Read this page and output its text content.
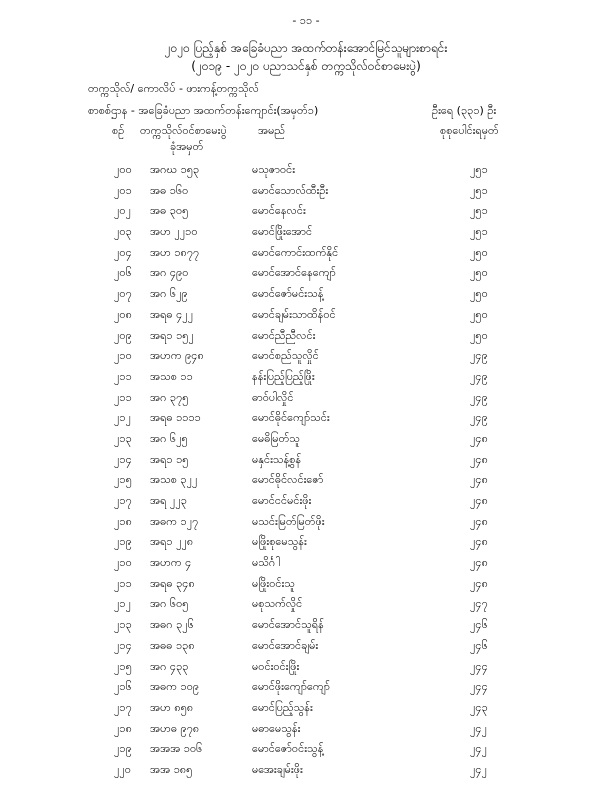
- ၁၁ -
၂၀၂၀ ပြည့်နှစ် အခြေခံပညာ အထက်တန်းအောင်မြင်သူများစာရင်း
(၂၀၁၉ - ၂၀၂၀ ပညာသင်နှစ် တက္ကသိုလ်ဝင်စာမေးပွဲ)
တက္ကသိုလ်/ ကောလိပ် - ဖားကန့်တက္ကသိုလ်
စာစစ်ဌာန - အခြေခံပညာ အထက်တန်းကျောင်း(အမှတ်၁)	ဦးရေ (၃၃၁) ဦး
စဉ် တက္ကသိုလ်ဝင်စာမေးပွဲ
ခုံအမှတ်
အမည်	စုစုပေါင်းရမှတ်
၂၀၀ အဂဃ ၁၅၃	မသုဇာဝင်း	၂၅၁
၂၀၁ အဓ ၁၆၀	မောင်သောလ်ထီးဦး	၂၅၁
၂၀၂ အဓ ၃၀၅	မောင်နေလင်း	၂၅၁
၂၀၃ အဟ ၂၂၁၀	မောင်ဖြိုးအောင်	၂၅၁
၂၀၄ အဟ ၁၈၇၇	မောင်ကောင်းထက်နိုင်	၂၅၀
၂၀၆ အဂ ၄၉၀	မောင်အောင်နေကျော်	၂၅၀
၂၀၇ အဂ ၆၂၉	မောင်ဇော်မင်းသန့်	၂၅၀
၂၀၈ အရဓ ၄၂၂	မောင်ချမ်းသာထိန်ဝင်	၂၅၀
၂၀၉ အရ၁ ၁၅၂	မောင်ညီညီလင်း	၂၅၀
၂၁၀ အဟက ၉၄၈	မောင်စည်သူလှိုင်	၂၄၉
၂၁၁ အသစ ၁၁	နန်းပြည့်ပြည့်ဖြိုး	၂၄၉
၂၁၁ အဂ ၃၇၅	ဓာဝ်ပါလှိုင်	၂၄၉
၂၁၂ အရဓ ၁၁၁၁	မောင်ဓိုင်ကျော်သင်း	၂၄၉
၂၁၃ အဂ ၆၂၅	မေဓိမြတ်သူ	၂၄၈
၂၁၄ အရ၁ ၁၅	မနှင်းသန့်စွန်	၂၄၈
၂၁၅ အသစ ၃၂၂	မောင်ဓိုင်လင်းဇော်	၂၄၈
၂၁၇ အရ ၂၂၃	မောင်ငင်မင်းဖိုး	၂၄၈
၂၁၈ အဓက ၁၂၇	မသင်းမြတ်မြတ်ဖိုး	၂၄၈
၂၁၉ အရ၁ ၂၂၈	မဖြိုးစုမေသွန်း	၂၄၈
၂၁၀ အဟက ၄	မသိင်္ဂါ	၂၄၈
၂၁၁ အရဓ ၃၄၈	မဖြိုးဝင်းသူ	၂၄၈
၂၁၂ အဂ ၆၀၅	မစုသက်လှိုင်	၂၄၇
၂၁၃ အဓဂ ၃၂၆	မောင်အောင်သူရိန်	၂၄၆
၂၁၄ အဓဓ ၁၃၈	မောင်အောင်ချမ်း	၂၄၆
၂၁၅ အဂ ၄၃၃	မဝင်းဝင်းဖြိုး	၂၄၄
၂၁၆ အဓက ၁၀၉	မောင်ဖိုးကျော်ကျော်	၂၄၄
၂၁၇ အဟ ၈၅၈	မောင်ပြည့်သွန်း	၂၄၃
၂၁၈ အဟဓ ၉၇၈	မဓာမေသွန်း	၂၄၂
၂၁၉ အအအ ၁၀၆	မောင်ဇော်ဝင်းသွန့်	၂၄၂
၂၂၀ အအ ၁၈၅	မအေးချမ်းဖိုး	၂၄၂
